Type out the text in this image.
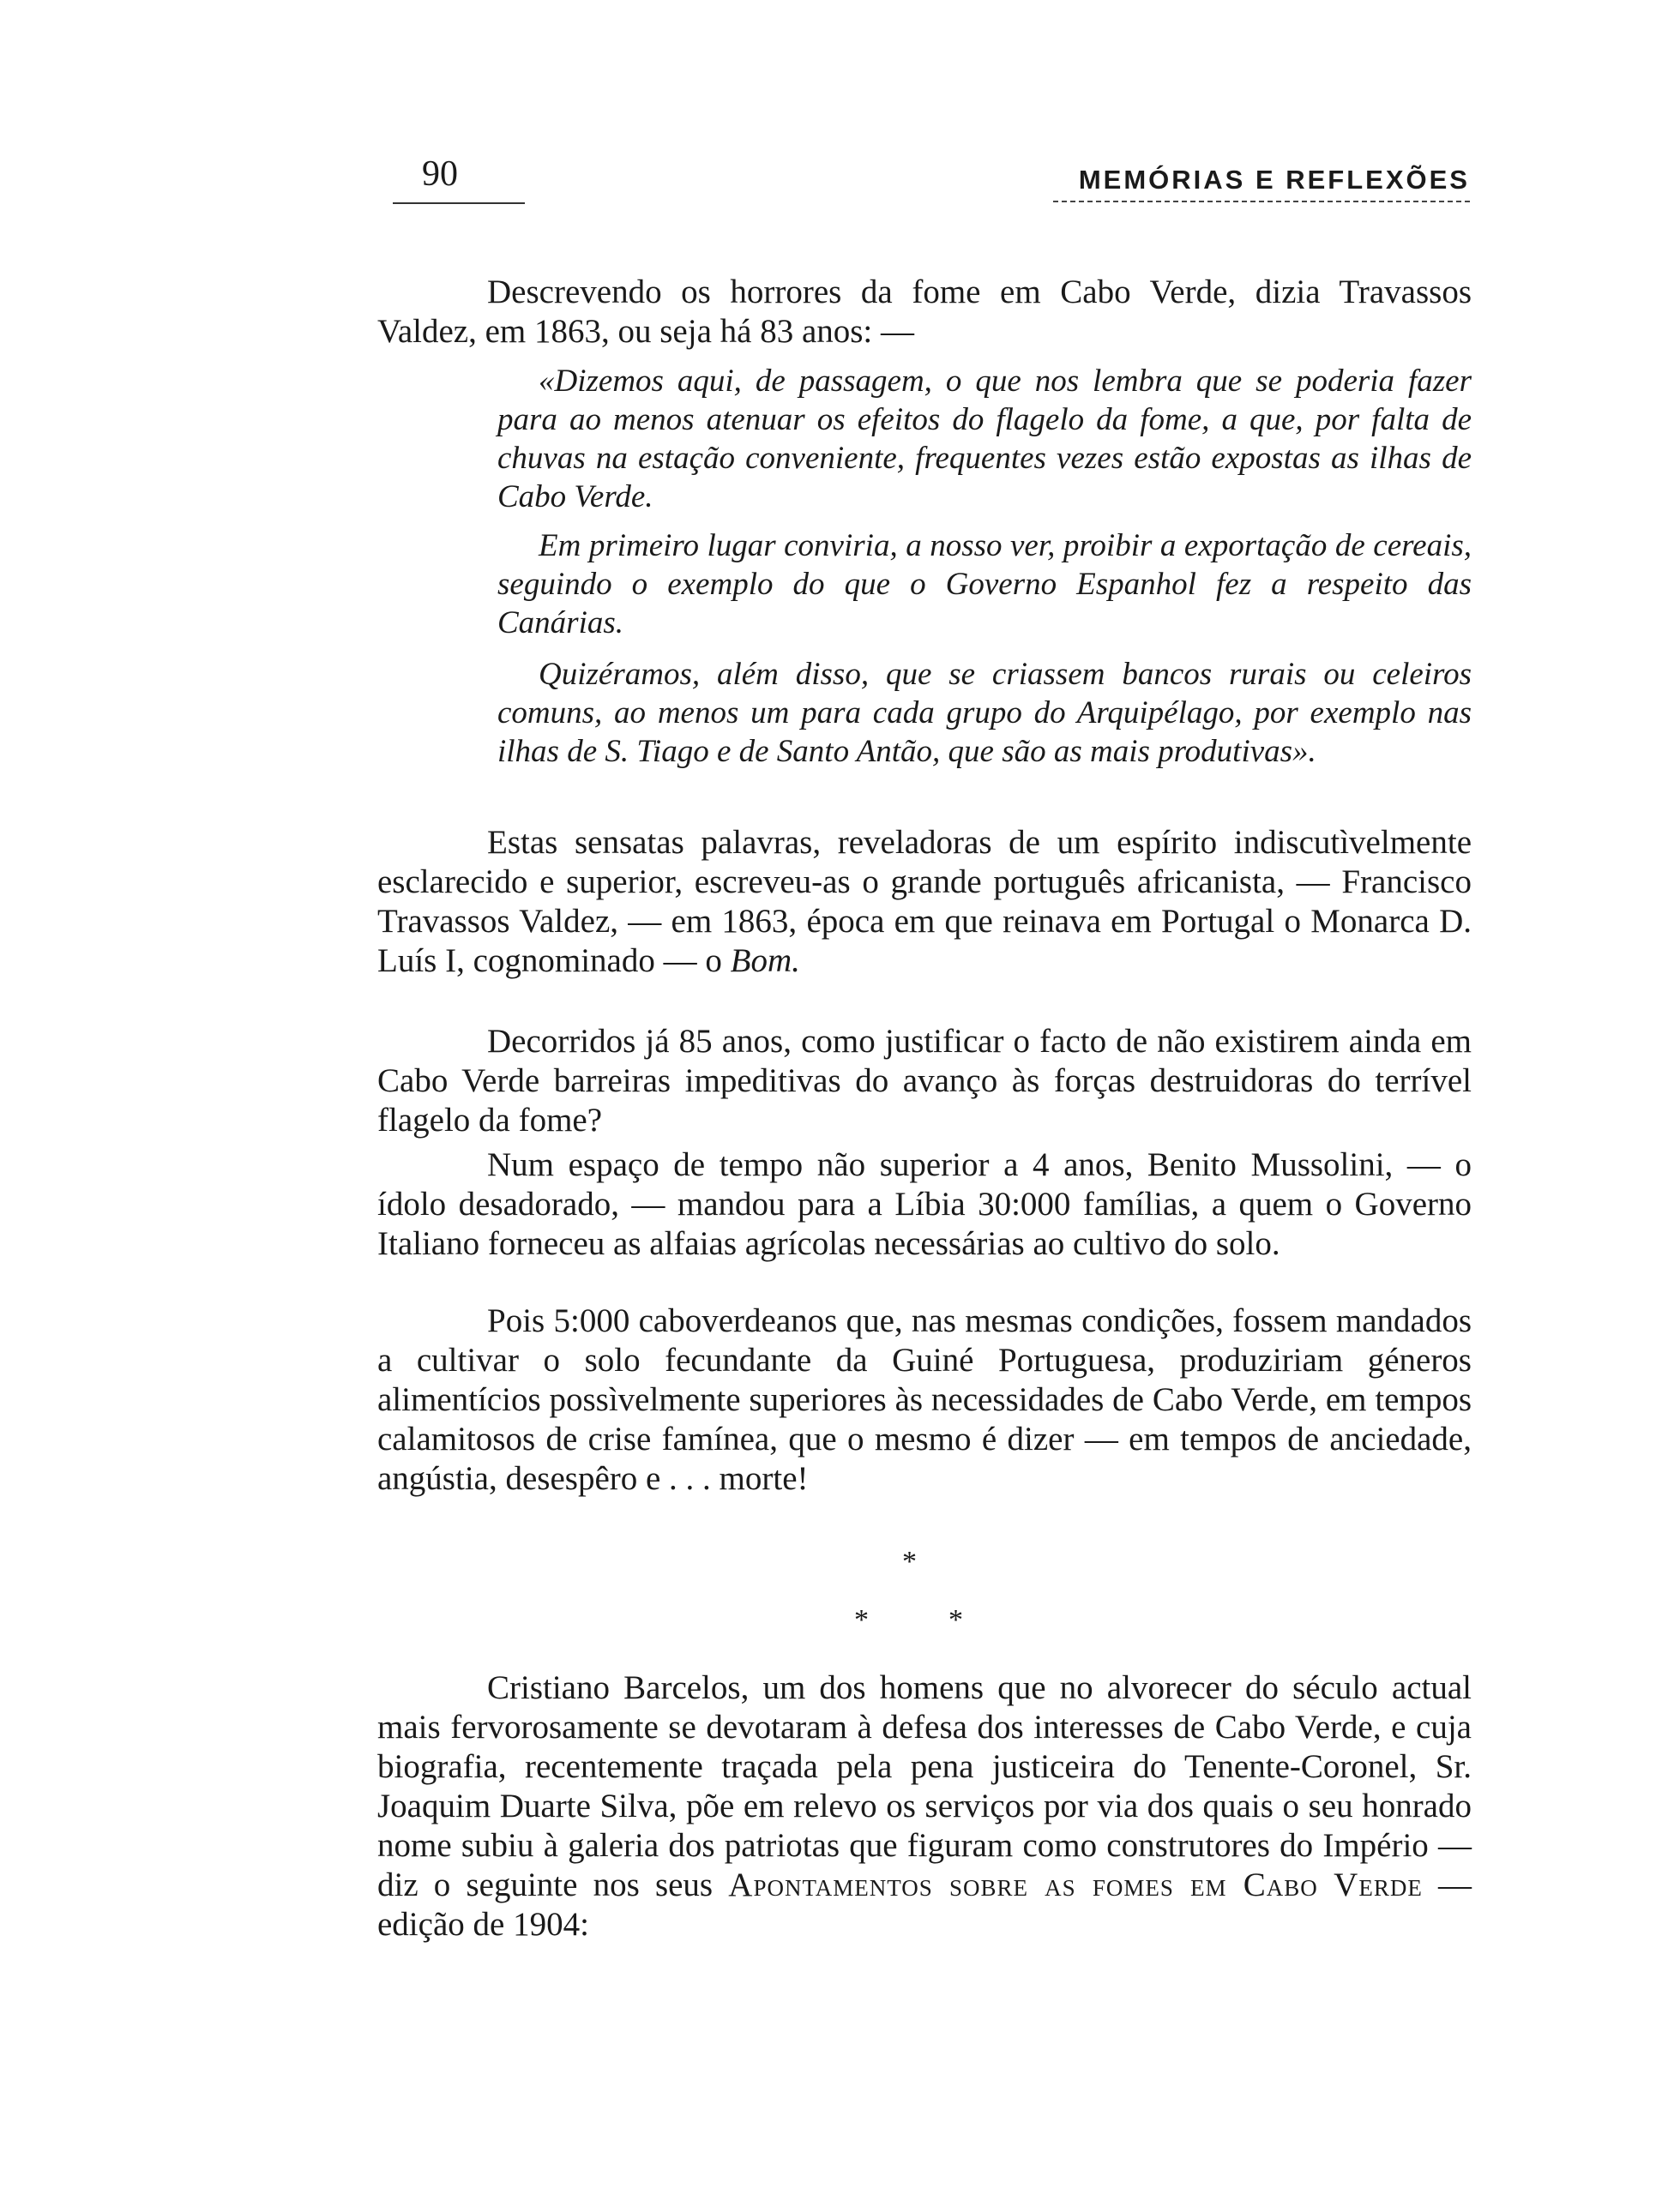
90	MEMÓRIAS E REFLEXÕES

Descrevendo os horrores da fome em Cabo Verde, dizia Travassos Valdez, em 1863, ou seja há 83 anos: —

«Dizemos aqui, de passagem, o que nos lembra que se poderia fazer para ao menos atenuar os efeitos do flagelo da fome, a que, por falta de chuvas na estação conveniente, frequentes vezes estão expostas as ilhas de Cabo Verde.

Em primeiro lugar conviria, a nosso ver, proibir a exportação de cereais, seguindo o exemplo do que o Governo Espanhol fez a respeito das Canárias.

Quizéramos, além disso, que se criassem bancos rurais ou celeiros comuns, ao menos um para cada grupo do Arquipélago, por exemplo nas ilhas de S. Tiago e de Santo Antão, que são as mais produtivas».

Estas sensatas palavras, reveladoras de um espírito indiscutìvelmente esclarecido e superior, escreveu-as o grande português africanista, — Francisco Travassos Valdez, — em 1863, época em que reinava em Portugal o Monarca D. Luís I, cognominado — o Bom.

Decorridos já 85 anos, como justificar o facto de não existirem ainda em Cabo Verde barreiras impeditivas do avanço às forças destruidoras do terrível flagelo da fome?

Num espaço de tempo não superior a 4 anos, Benito Mussolini, — o ídolo desadorado, — mandou para a Líbia 30:000 famílias, a quem o Governo Italiano forneceu as alfaias agrícolas necessárias ao cultivo do solo.

Pois 5:000 caboverdeanos que, nas mesmas condições, fossem mandados a cultivar o solo fecundante da Guiné Portuguesa, produziriam géneros alimentícios possìvelmente superiores às necessidades de Cabo Verde, em tempos calamitosos de crise famínea, que o mesmo é dizer — em tempos de anciedade, angústia, desespêro e . . . morte!

*
*	*

Cristiano Barcelos, um dos homens que no alvorecer do século actual mais fervorosamente se devotaram à defesa dos interesses de Cabo Verde, e cuja biografia, recentemente traçada pela pena justiceira do Tenente-Coronel, Sr. Joaquim Duarte Silva, põe em relevo os serviços por via dos quais o seu honrado nome subiu à galeria dos patriotas que figuram como construtores do Império — diz o seguinte nos seus Apontamentos sobre as fomes em Cabo Verde — edição de 1904:
